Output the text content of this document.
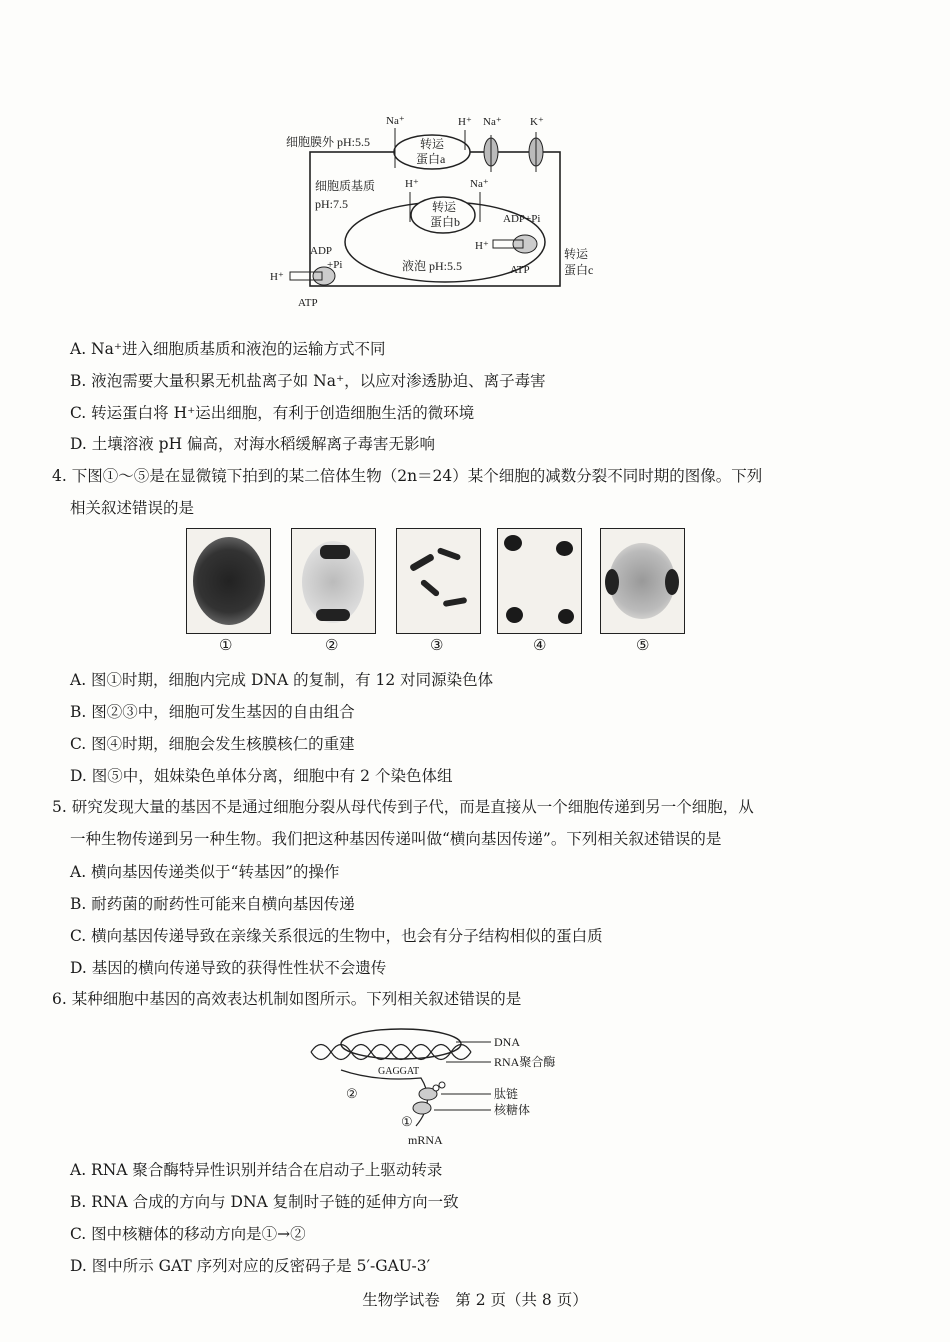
转运
蛋白a
Na⁺	H⁺ Na⁺	K⁺
细胞膜外 pH:5.5
细胞质基质
pH:7.5	转运
蛋白b
H⁺	Na⁺
ADP+Pi
H⁺
ATP
转运
蛋白c
液泡 pH:5.5
ADP
+Pi
H⁺
ATP
A. Na⁺进入细胞质基质和液泡的运输方式不同
B. 液泡需要大量积累无机盐离子如 Na⁺，以应对渗透胁迫、离子毒害
C. 转运蛋白将 H⁺运出细胞，有利于创造细胞生活的微环境
D. 土壤溶液 pH 偏高，对海水稻缓解离子毒害无影响
4. 下图①～⑤是在显微镜下拍到的某二倍体生物（2n＝24）某个细胞的减数分裂不同时期的图像。下列
相关叙述错误的是
①	②	③	④	⑤
A. 图①时期，细胞内完成 DNA 的复制，有 12 对同源染色体
B. 图②③中，细胞可发生基因的自由组合
C. 图④时期，细胞会发生核膜核仁的重建
D. 图⑤中，姐妹染色单体分离，细胞中有 2 个染色体组
5. 研究发现大量的基因不是通过细胞分裂从母代传到子代，而是直接从一个细胞传递到另一个细胞，从
一种生物传递到另一种生物。我们把这种基因传递叫做“横向基因传递”。下列相关叙述错误的是
A. 横向基因传递类似于“转基因”的操作
B. 耐药菌的耐药性可能来自横向基因传递
C. 横向基因传递导致在亲缘关系很远的生物中，也会有分子结构相似的蛋白质
D. 基因的横向传递导致的获得性性状不会遗传
6. 某种细胞中基因的高效表达机制如图所示。下列相关叙述错误的是
DNA
RNA聚合酶
GAGGAT
肽链
核糖体
②
①
mRNA
A. RNA 聚合酶特异性识别并结合在启动子上驱动转录
B. RNA 合成的方向与 DNA 复制时子链的延伸方向一致
C. 图中核糖体的移动方向是①→②
D. 图中所示 GAT 序列对应的反密码子是 5′-GAU-3′
生物学试卷　第 2 页（共 8 页）
